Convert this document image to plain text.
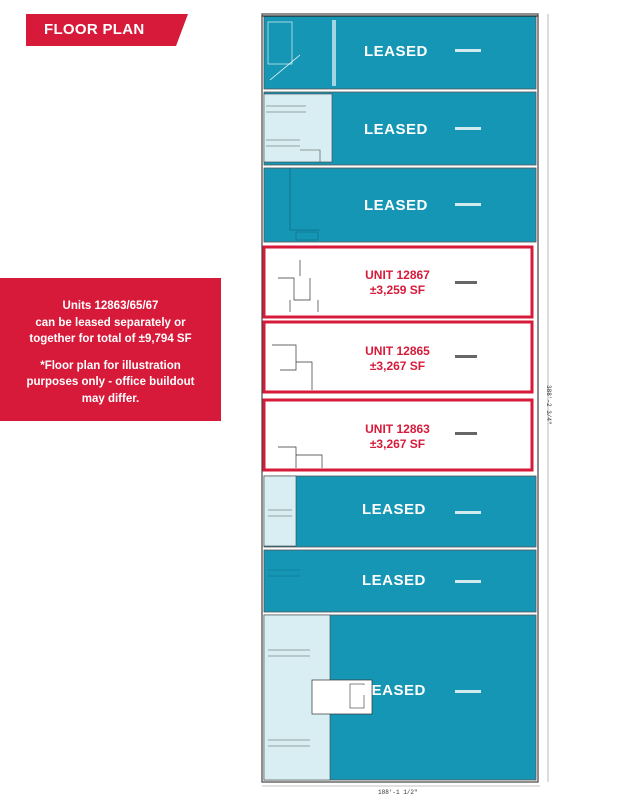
FLOOR PLAN
Units 12863/65/67
can be leased separately or
together for total of ±9,794 SF
*Floor plan for illustration
purposes only - office buildout
may differ.
LEASED
LEASED
LEASED
UNIT 12867
±3,259 SF
UNIT 12865
±3,267 SF
UNIT 12863
±3,267 SF
LEASED
LEASED
LEASED
188'-1 1/2"
388'-2 3/4"
